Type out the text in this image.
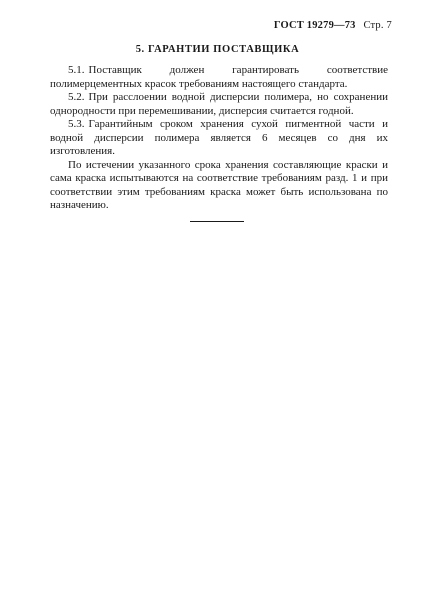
ГОСТ 19279—73 Стр. 7
5. ГАРАНТИИ ПОСТАВЩИКА

5.1. Поставщик должен гарантировать соответствие полимерцементных красок требованиям настоящего стандарта.

5.2. При расслоении водной дисперсии полимера, но сохранении однородности при перемешивании, дисперсия считается годной.

5.3. Гарантийным сроком хранения сухой пигментной части и водной дисперсии полимера является 6 месяцев со дня их изготовления.

По истечении указанного срока хранения составляющие краски и сама краска испытываются на соответствие требованиям разд. 1 и при соответствии этим требованиям краска может быть использована по назначению.
